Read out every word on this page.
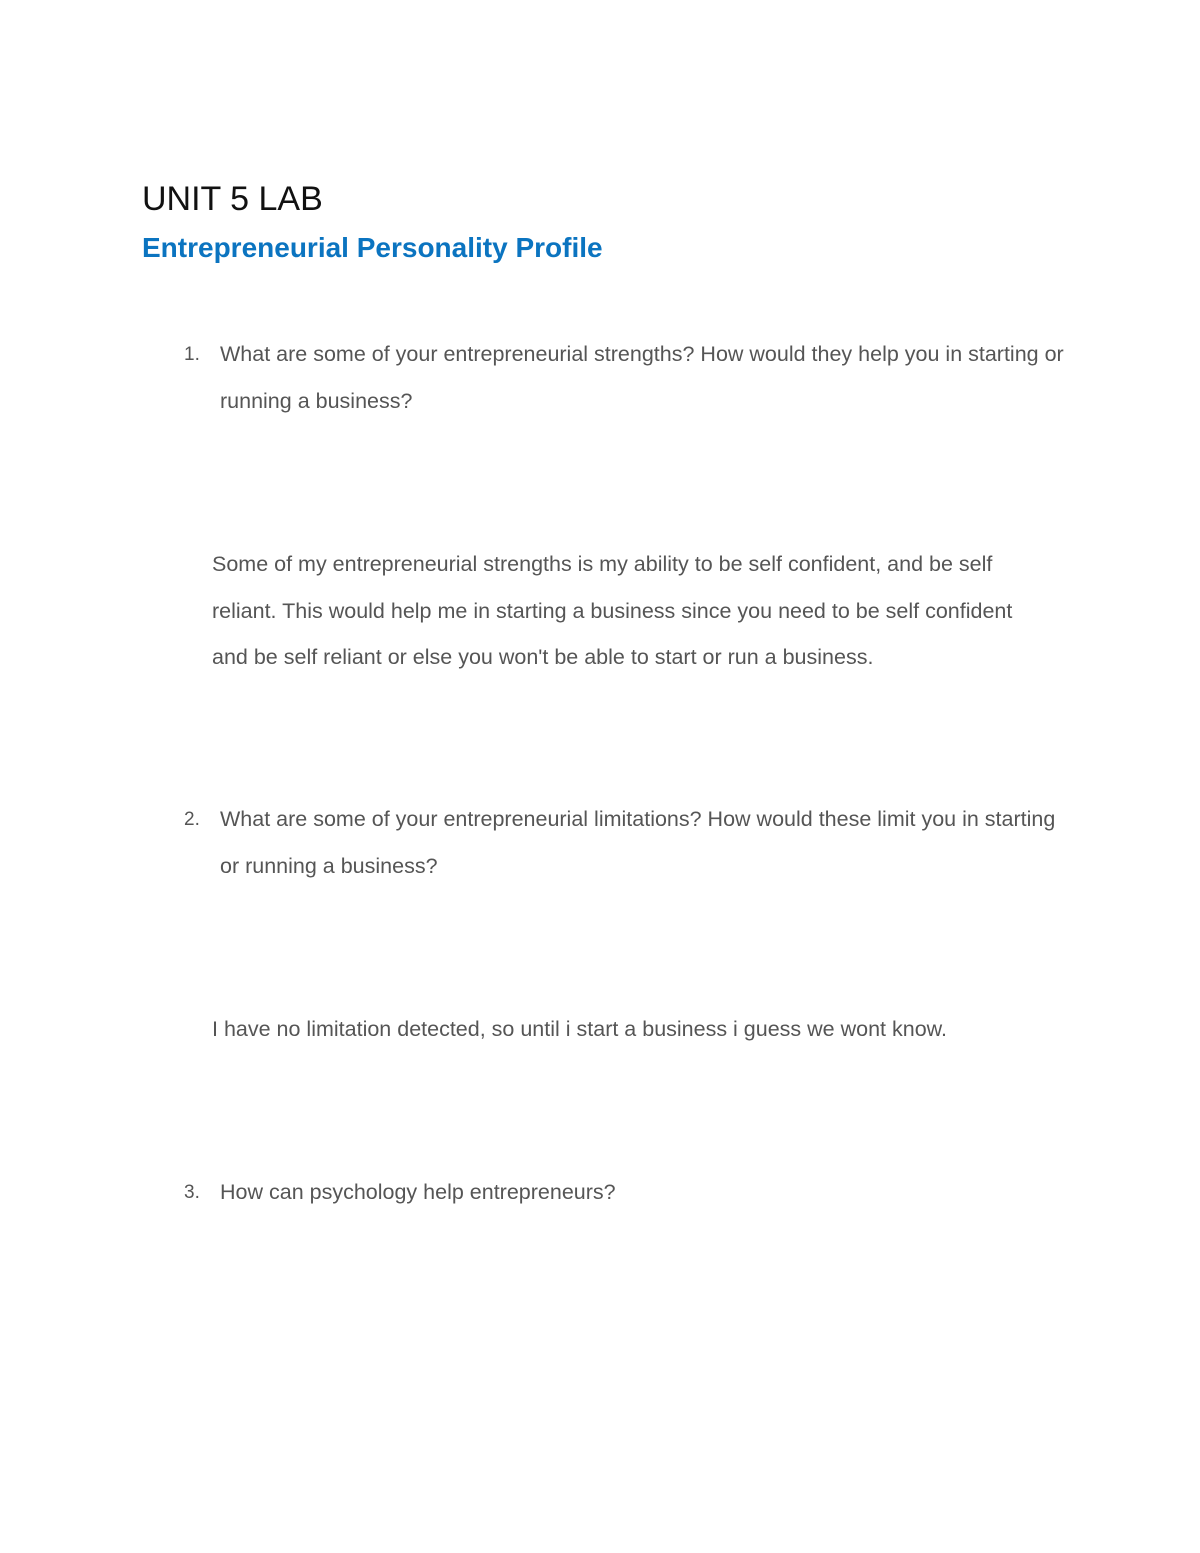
UNIT 5 LAB
Entrepreneurial Personality Profile
1. What are some of your entrepreneurial strengths? How would they help you in starting or running a business?
Some of my entrepreneurial strengths is my ability to be self confident, and be self reliant. This would help me in starting a business since you need to be self confident and be self reliant or else you won't be able to start or run a business.
2. What are some of your entrepreneurial limitations? How would these limit you in starting or running a business?
I have no limitation detected, so until i start a business i guess we wont know.
3. How can psychology help entrepreneurs?
